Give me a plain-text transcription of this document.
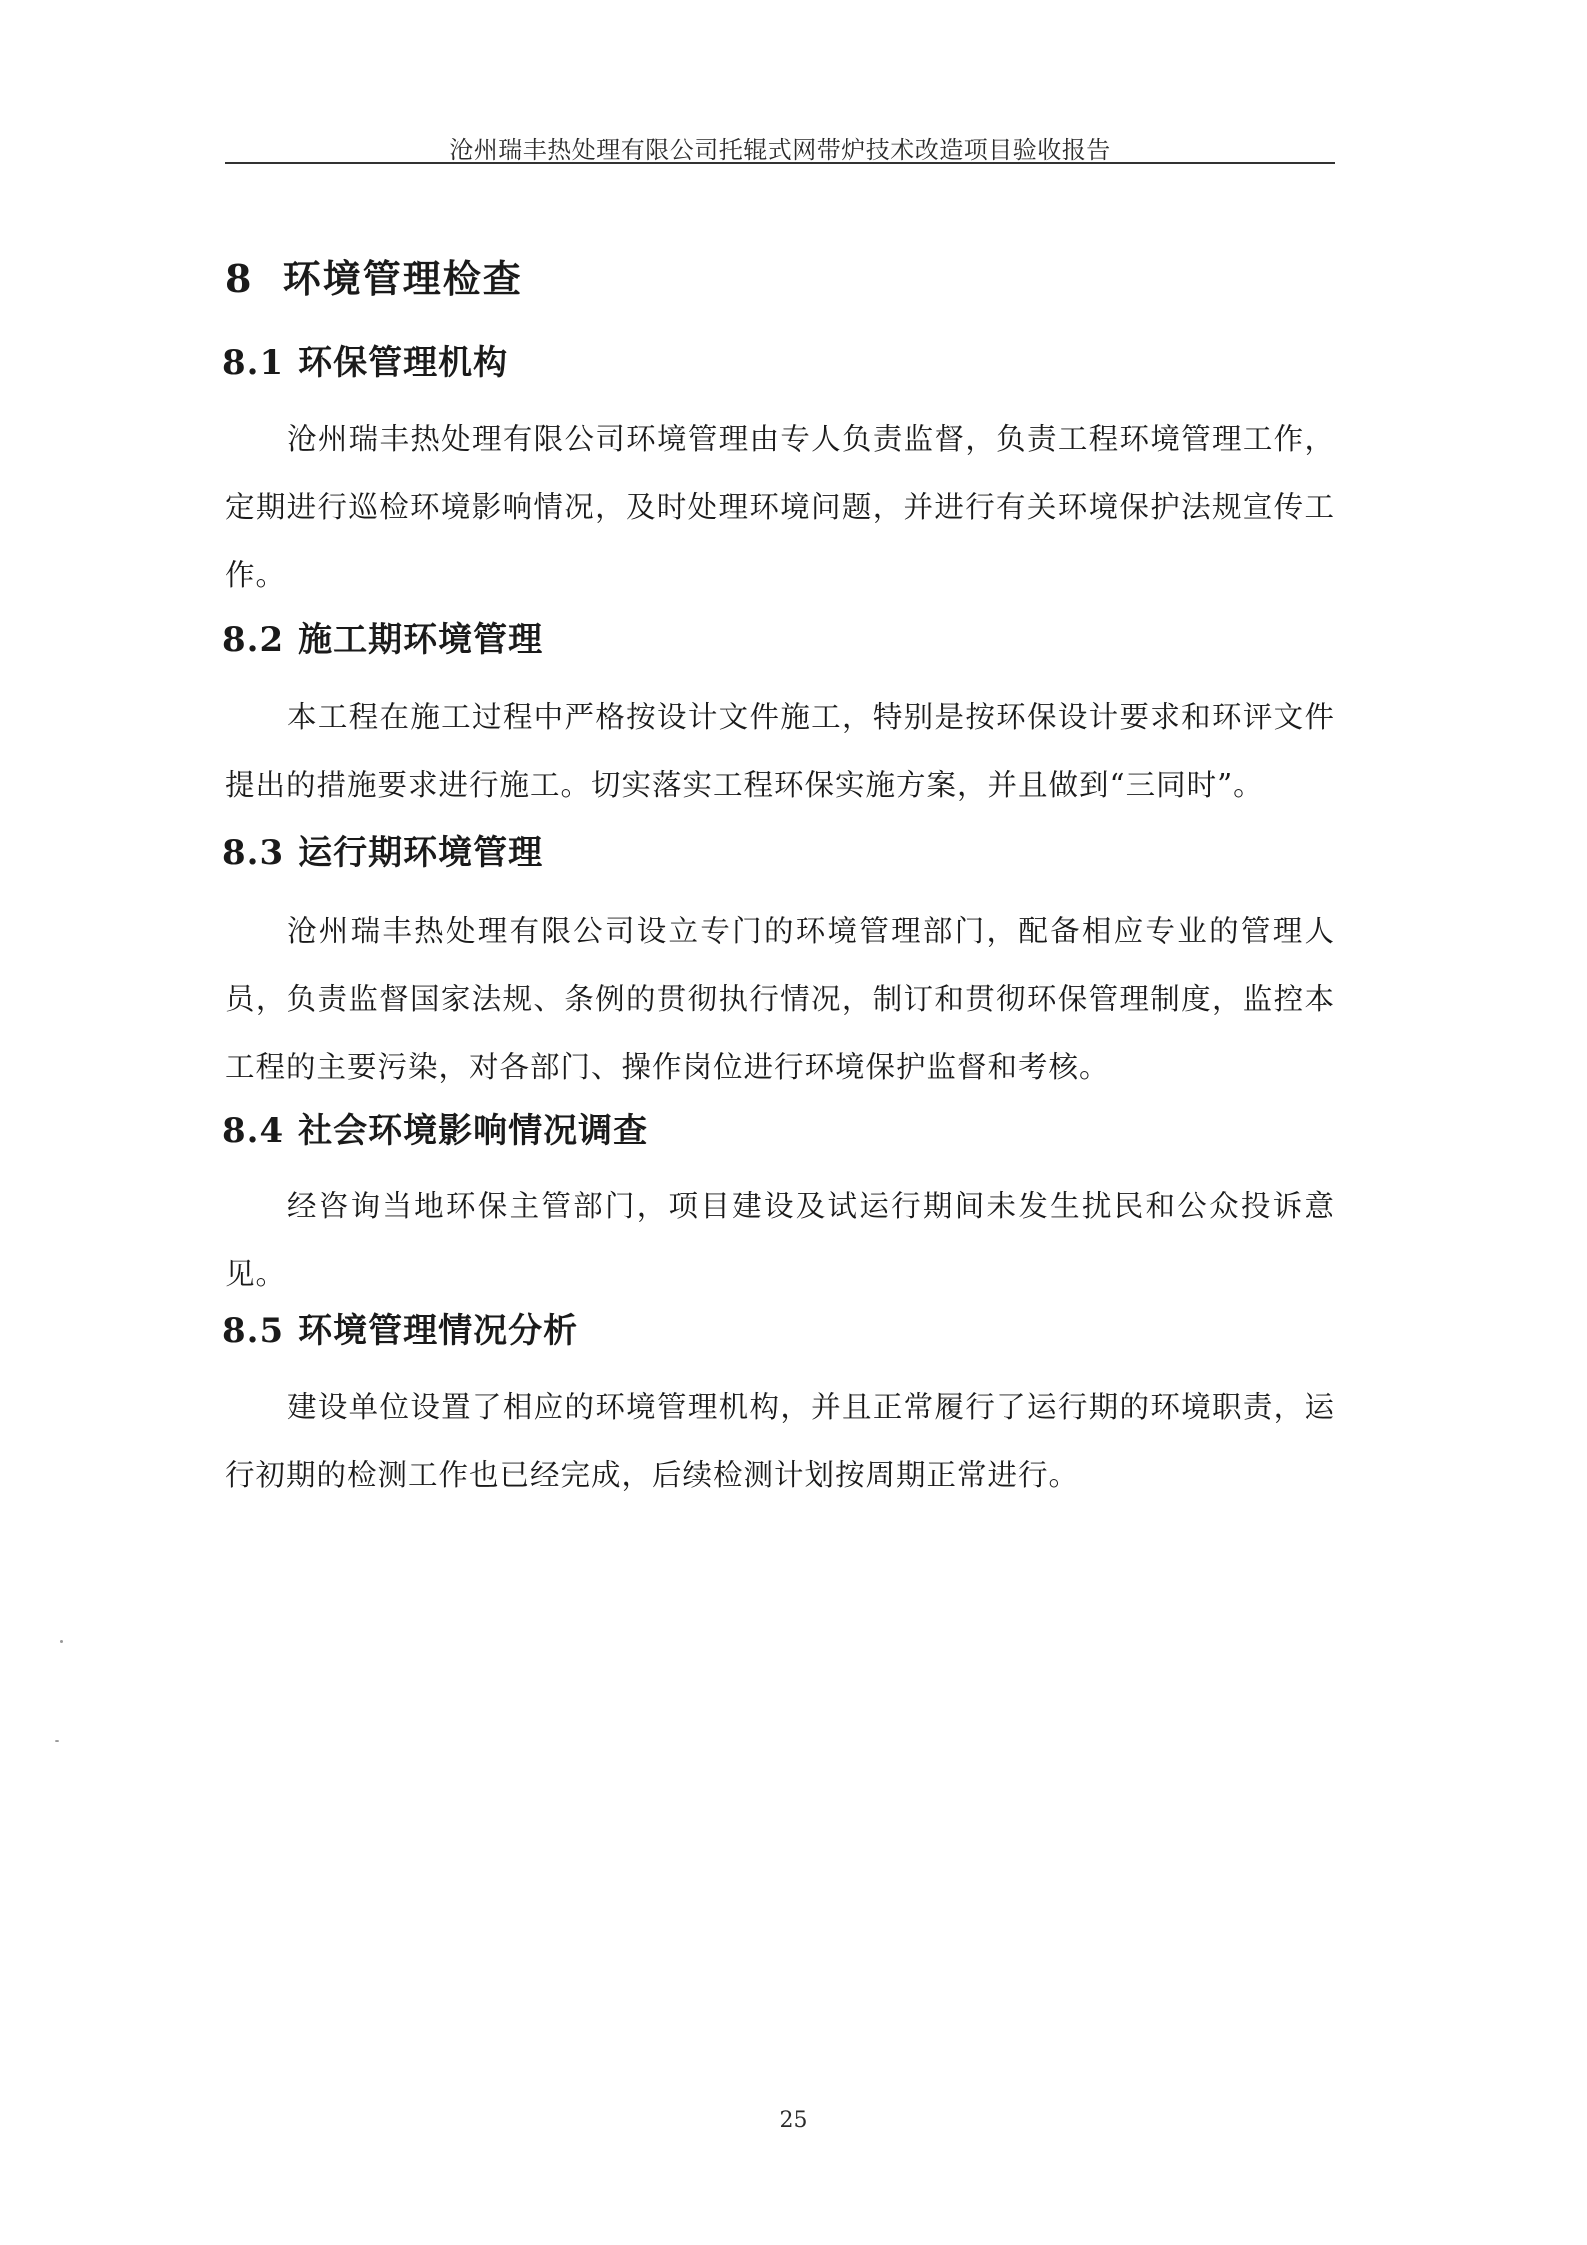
沧州瑞丰热处理有限公司托辊式网带炉技术改造项目验收报告
8 环境管理检查
8.1 环保管理机构

沧州瑞丰热处理有限公司环境管理由专人负责监督，负责工程环境管理工作，定期进行巡检环境影响情况，及时处理环境问题，并进行有关环境保护法规宣传工作。

8.2 施工期环境管理

本工程在施工过程中严格按设计文件施工，特别是按环保设计要求和环评文件提出的措施要求进行施工。切实落实工程环保实施方案，并且做到“三同时”。

8.3 运行期环境管理

沧州瑞丰热处理有限公司设立专门的环境管理部门，配备相应专业的管理人员，负责监督国家法规、条例的贯彻执行情况，制订和贯彻环保管理制度，监控本工程的主要污染，对各部门、操作岗位进行环境保护监督和考核。

8.4 社会环境影响情况调查

经咨询当地环保主管部门，项目建设及试运行期间未发生扰民和公众投诉意见。

8.5 环境管理情况分析

建设单位设置了相应的环境管理机构，并且正常履行了运行期的环境职责，运行初期的检测工作也已经完成，后续检测计划按周期正常进行。

25
